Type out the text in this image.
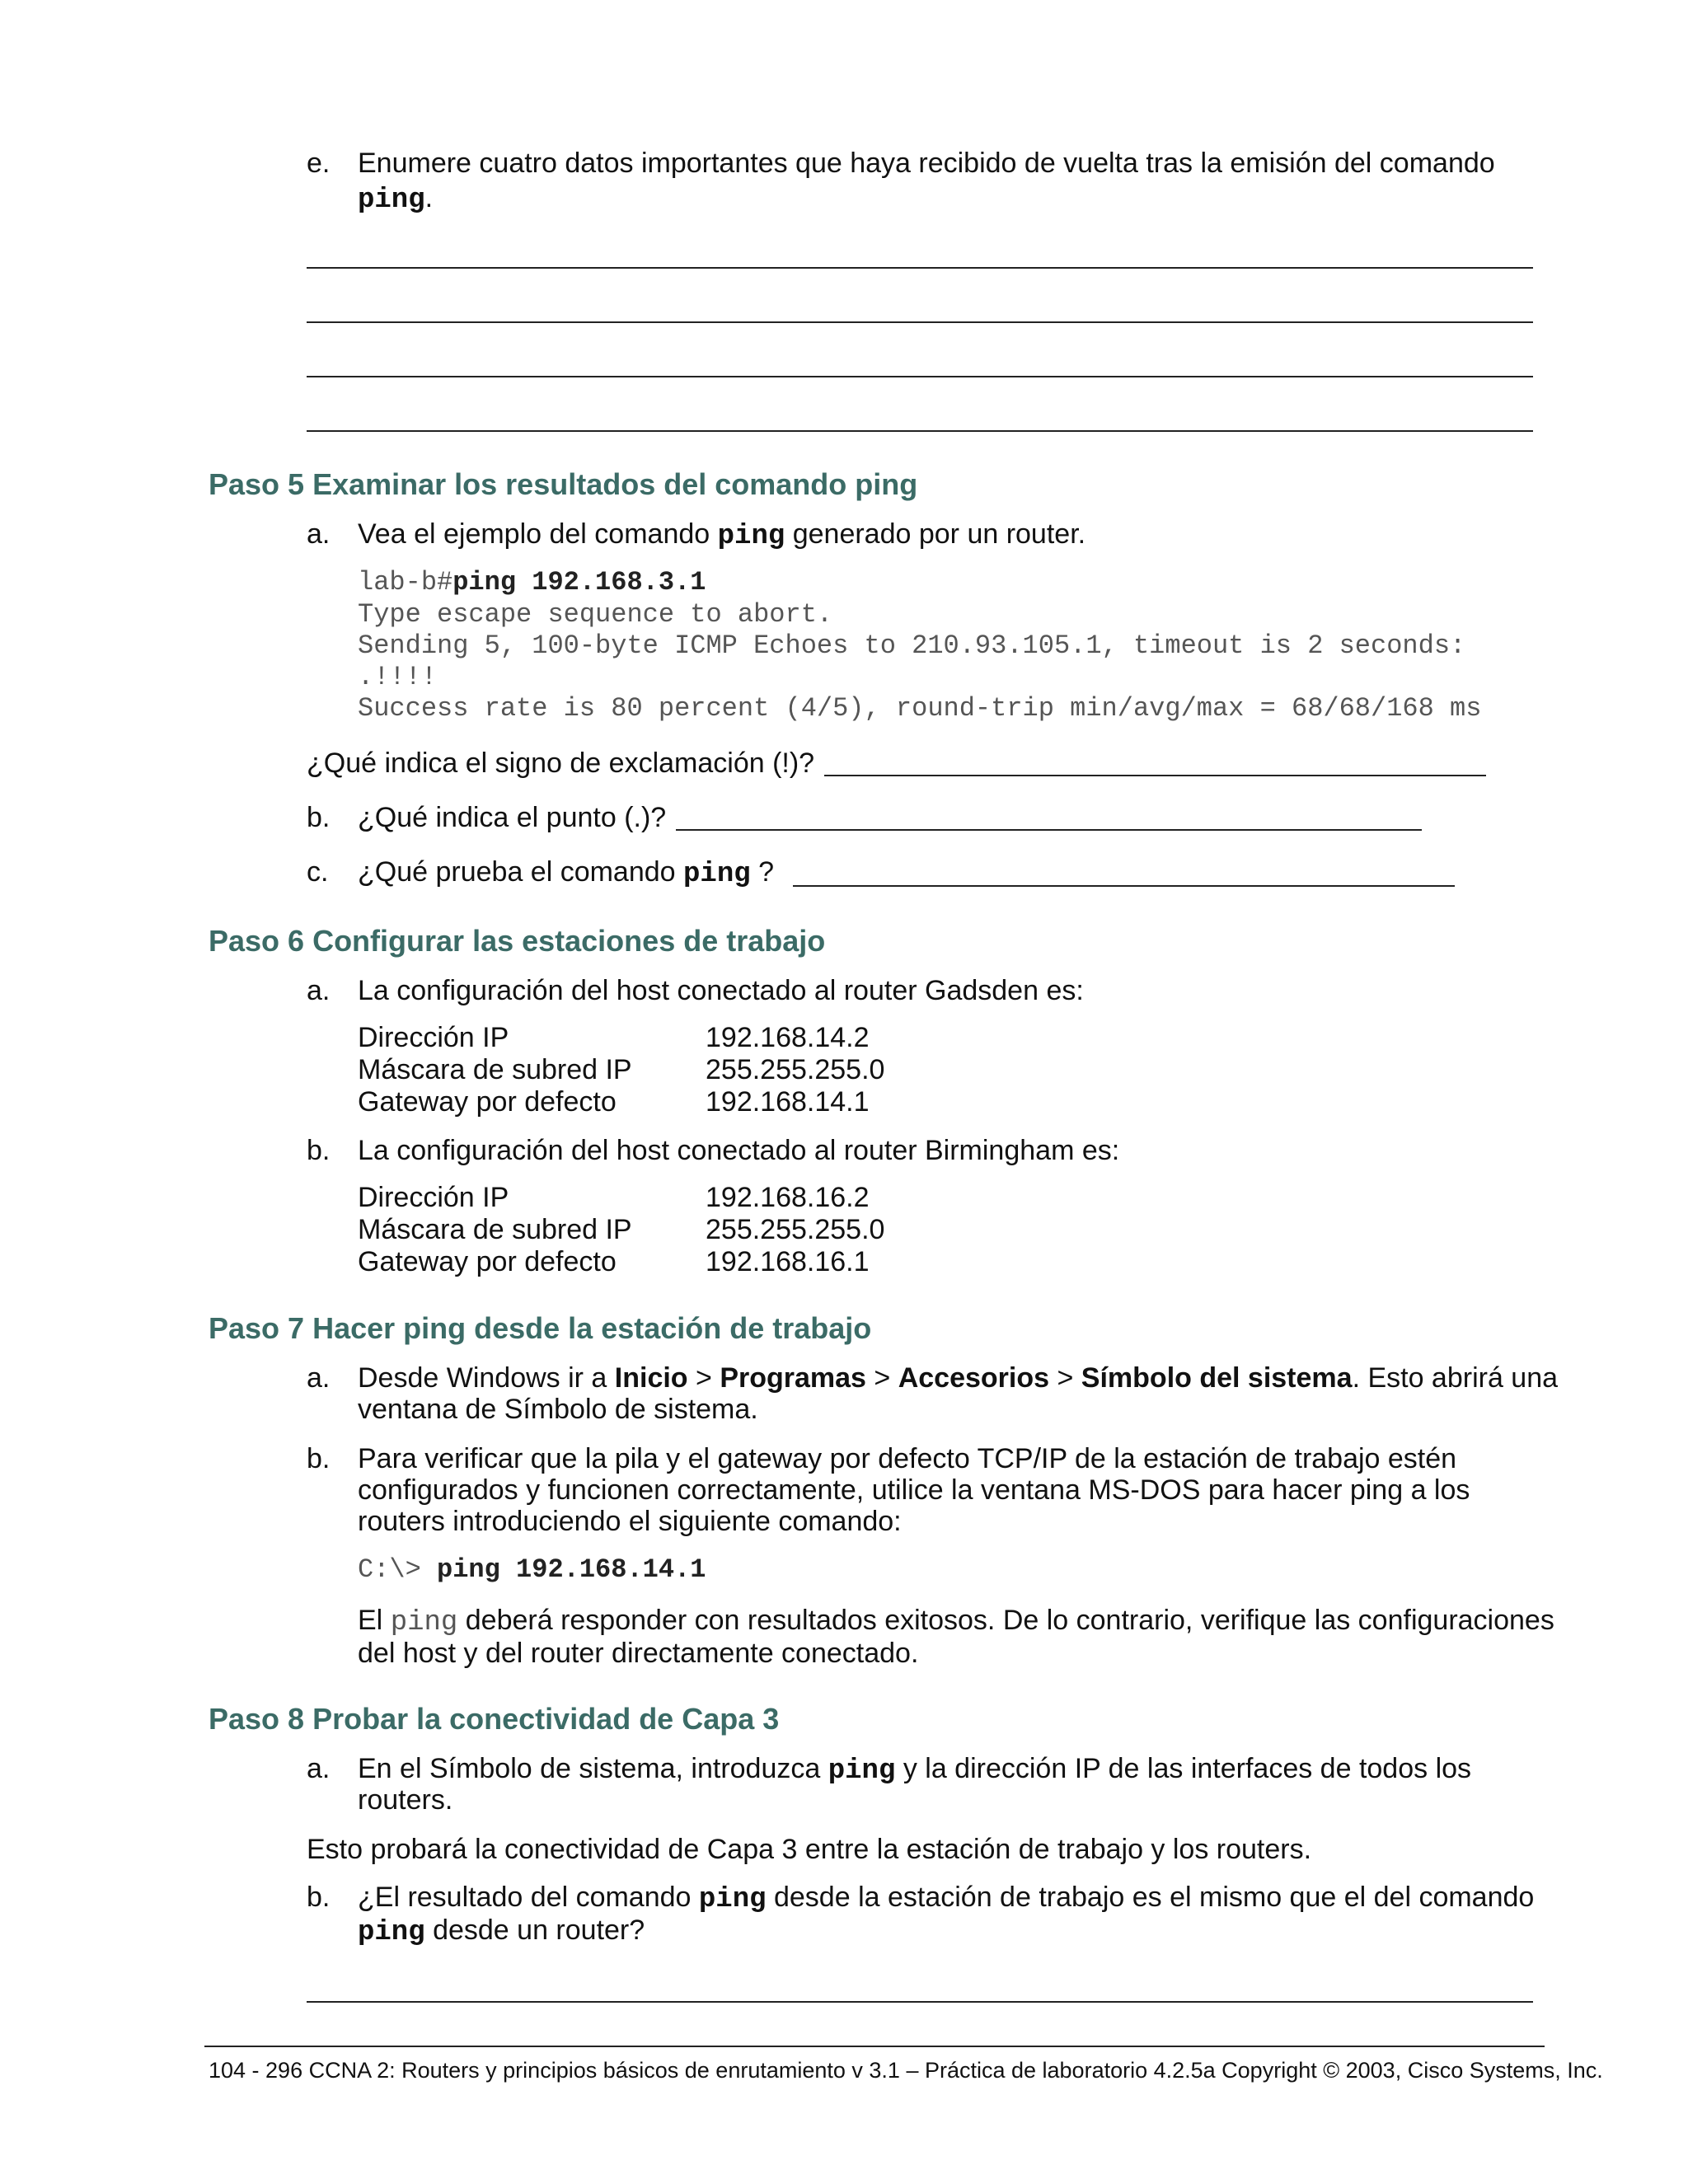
e. Enumere cuatro datos importantes que haya recibido de vuelta tras la emisión del comando
ping.
Paso 5 Examinar los resultados del comando ping
a. Vea el ejemplo del comando ping generado por un router.
lab-b#ping 192.168.3.1
Type escape sequence to abort.
Sending 5, 100-byte ICMP Echoes to 210.93.105.1, timeout is 2 seconds:
.!!!!
Success rate is 80 percent (4/5), round-trip min/avg/max = 68/68/168 ms
¿Qué indica el signo de exclamación (!)?
b. ¿Qué indica el punto (.)?
c. ¿Qué prueba el comando ping ?
Paso 6 Configurar las estaciones de trabajo
a. La configuración del host conectado al router Gadsden es:
Dirección IP
Máscara de subred IP
Gateway por defecto
192.168.14.2
255.255.255.0
192.168.14.1
b. La configuración del host conectado al router Birmingham es:
Dirección IP
Máscara de subred IP
Gateway por defecto
192.168.16.2
255.255.255.0
192.168.16.1
Paso 7 Hacer ping desde la estación de trabajo
a. Desde Windows ir a Inicio > Programas > Accesorios > Símbolo del sistema. Esto abrirá una
ventana de Símbolo de sistema.
b. Para verificar que la pila y el gateway por defecto TCP/IP de la estación de trabajo estén
configurados y funcionen correctamente, utilice la ventana MS-DOS para hacer ping a los
routers introduciendo el siguiente comando:
C:\> ping 192.168.14.1
El ping deberá responder con resultados exitosos. De lo contrario, verifique las configuraciones
del host y del router directamente conectado.
Paso 8 Probar la conectividad de Capa 3
a. En el Símbolo de sistema, introduzca ping y la dirección IP de las interfaces de todos los
routers.
Esto probará la conectividad de Capa 3 entre la estación de trabajo y los routers.
b. ¿El resultado del comando ping desde la estación de trabajo es el mismo que el del comando
ping desde un router?
104 - 296 CCNA 2: Routers y principios básicos de enrutamiento v 3.1 – Práctica de laboratorio 4.2.5a Copyright © 2003, Cisco Systems, Inc.
